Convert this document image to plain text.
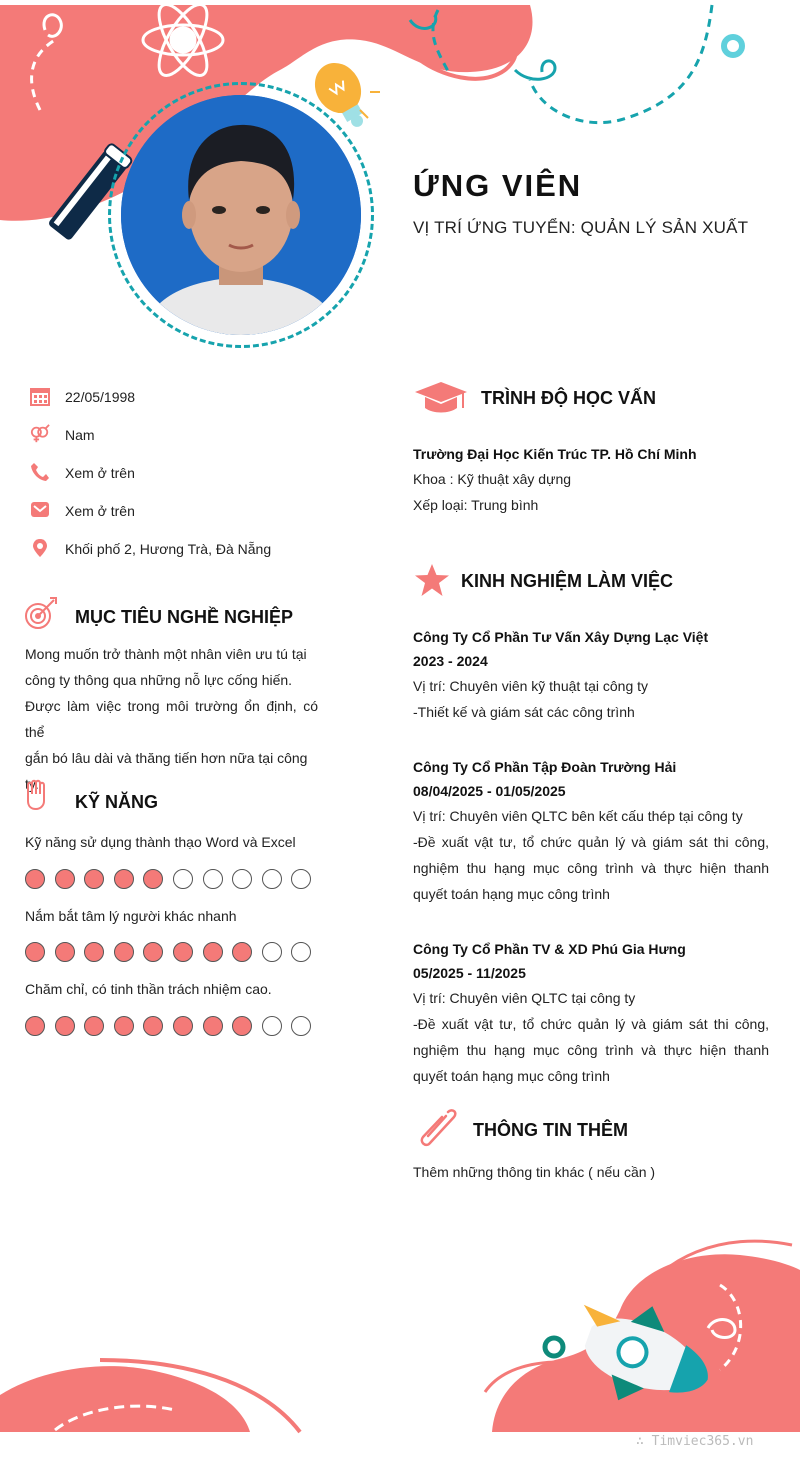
ỨNG VIÊN
VỊ TRÍ ỨNG TUYỂN: QUẢN LÝ SẢN XUẤT
22/05/1998
Nam
Xem ở trên
Xem ở trên
Khối phố 2, Hương Trà, Đà Nẵng
MỤC TIÊU NGHỀ NGHIỆP
Mong muốn trở thành một nhân viên ưu tú tại
công ty thông qua những nỗ lực cống hiến.
Được làm việc trong môi trường ổn định, có thể
gắn bó lâu dài và thăng tiến hơn nữa tại công
ty.
KỸ NĂNG
Kỹ năng sử dụng thành thạo Word và Excel
Nắm bắt tâm lý người khác nhanh
Chăm chỉ, có tinh thần trách nhiệm cao.
TRÌNH ĐỘ HỌC VẤN
Trường Đại Học Kiến Trúc TP. Hồ Chí Minh
Khoa : Kỹ thuật xây dựng
Xếp loại: Trung bình
KINH NGHIỆM LÀM VIỆC
Công Ty Cổ Phần Tư Vấn Xây Dựng Lạc Việt
2023 - 2024
Vị trí: Chuyên viên kỹ thuật tại công ty
-Thiết kế và giám sát các công trình
Công Ty Cổ Phần Tập Đoàn Trường Hải
08/04/2025 - 01/05/2025
Vị trí: Chuyên viên QLTC bên kết cấu thép tại công ty
-Đề xuất vật tư, tổ chức quản lý và giám sát thi công,
nghiệm thu hạng mục công trình và thực hiện thanh
quyết toán hạng mục công trình
Công Ty Cổ Phần TV & XD Phú Gia Hưng
05/2025 - 11/2025
Vị trí: Chuyên viên QLTC tại công ty
-Đề xuất vật tư, tổ chức quản lý và giám sát thi công,
nghiệm thu hạng mục công trình và thực hiện thanh
quyết toán hạng mục công trình
THÔNG TIN THÊM
Thêm những thông tin khác ( nếu cần )
∴ Timviec365.vn
